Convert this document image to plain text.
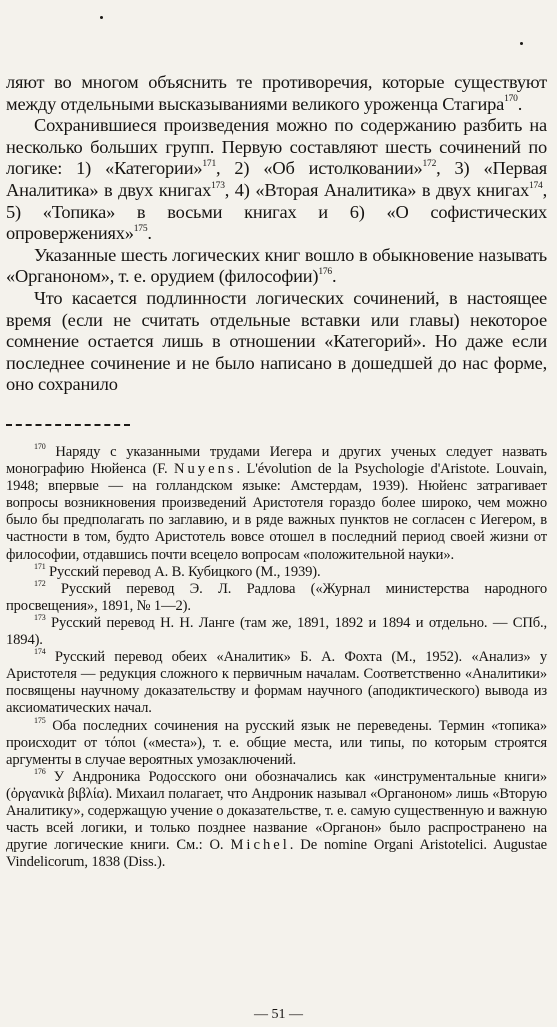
ляют во многом объяснить те противоречия, которые существуют между отдельными высказываниями великого уроженца Стагира$^{170}$.

Сохранившиеся произведения можно по содержанию разбить на несколько больших групп. Первую составляют шесть сочинений по логике: 1) «Категории»$^{171}$, 2) «Об истолковании»$^{172}$, 3) «Первая Аналитика» в двух книгах$^{173}$, 4) «Вторая Аналитика» в двух книгах$^{174}$, 5) «Топика» в восьми книгах и 6) «О софистических опровержениях»$^{175}$.

Указанные шесть логических книг вошло в обыкновение называть «Органоном», т. е. орудием (философии)$^{176}$.

Что касается подлинности логических сочинений, в настоящее время (если не считать отдельные вставки или главы) некоторое сомнение остается лишь в отношении «Категорий». Но даже если последнее сочинение и не было написано в дошедшей до нас форме, оно сохранило

$^{170}$ Наряду с указанными трудами Иегера и других ученых следует назвать монографию Нюйенса (F. Nuyens. L'évolution de la Psychologie d'Aristote. Louvain, 1948; впервые — на голландском языке: Амстердам, 1939). Нюйенс затрагивает вопросы возникновения произведений Аристотеля гораздо более широко, чем можно было бы предполагать по заглавию, и в ряде важных пунктов не согласен с Иегером, в частности в том, будто Аристотель вовсе отошел в последний период своей жизни от философии, отдавшись почти всецело вопросам «положительной науки».

$^{171}$ Русский перевод А. В. Кубицкого (М., 1939).

$^{172}$ Русский перевод Э. Л. Радлова («Журнал министерства народного просвещения», 1891, № 1—2).

$^{173}$ Русский перевод Н. Н. Ланге (там же, 1891, 1892 и 1894 и отдельно. — СПб., 1894).

$^{174}$ Русский перевод обеих «Аналитик» Б. А. Фохта (М., 1952). «Анализ» у Аристотеля — редукция сложного к первичным началам. Соответственно «Аналитики» посвящены научному доказательству и формам научного (аподиктического) вывода из аксиоматических начал.

$^{175}$ Оба последних сочинения на русский язык не переведены. Термин «топика» происходит от τόποι («места»), т. е. общие места, или типы, по которым строятся аргументы в случае вероятных умозаключений.

$^{176}$ У Андроника Родосского они обозначались как «инструментальные книги» (ὀργανικὰ βιβλία). Михаил полагает, что Андроник называл «Органоном» лишь «Вторую Аналитику», содержащую учение о доказательстве, т. е. самую существенную и важную часть всей логики, и только позднее название «Органон» было распространено на другие логические книги. См.: О. Michel. De nomine Organi Aristotelici. Augustae Vindelicorum, 1838 (Diss.).

— 51 —
